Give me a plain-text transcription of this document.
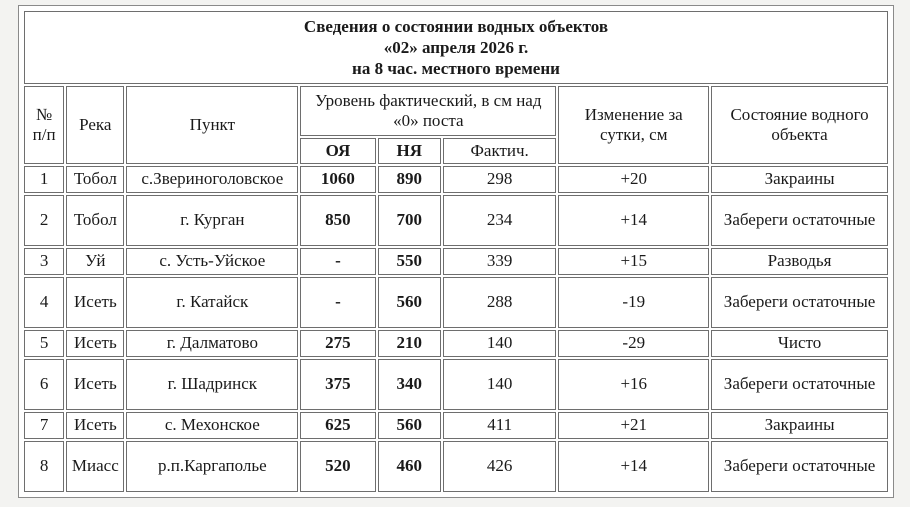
Сведения о состоянии водных объектов
«02» апреля 2026 г.
на 8 час. местного времени							

№ п/п	Река	Пункт	Уровень фактический, в см над «0» поста			Изменение за сутки, см	Состояние водного объекта
			ОЯ	НЯ	Фактич.		
1	Тобол	с.Звериноголовское	1060	890	298	+20	Закраины
2	Тобол	г. Курган	850	700	234	+14	Забереги остаточные
3	Уй	с. Усть-Уйское	-	550	339	+15	Разводья
4	Исеть	г. Катайск	-	560	288	-19	Забереги остаточные
5	Исеть	г. Далматово	275	210	140	-29	Чисто
6	Исеть	г. Шадринск	375	340	140	+16	Забереги остаточные
7	Исеть	с. Мехонское	625	560	411	+21	Закраины
8	Миасс	р.п.Каргаполье	520	460	426	+14	Забереги остаточные
